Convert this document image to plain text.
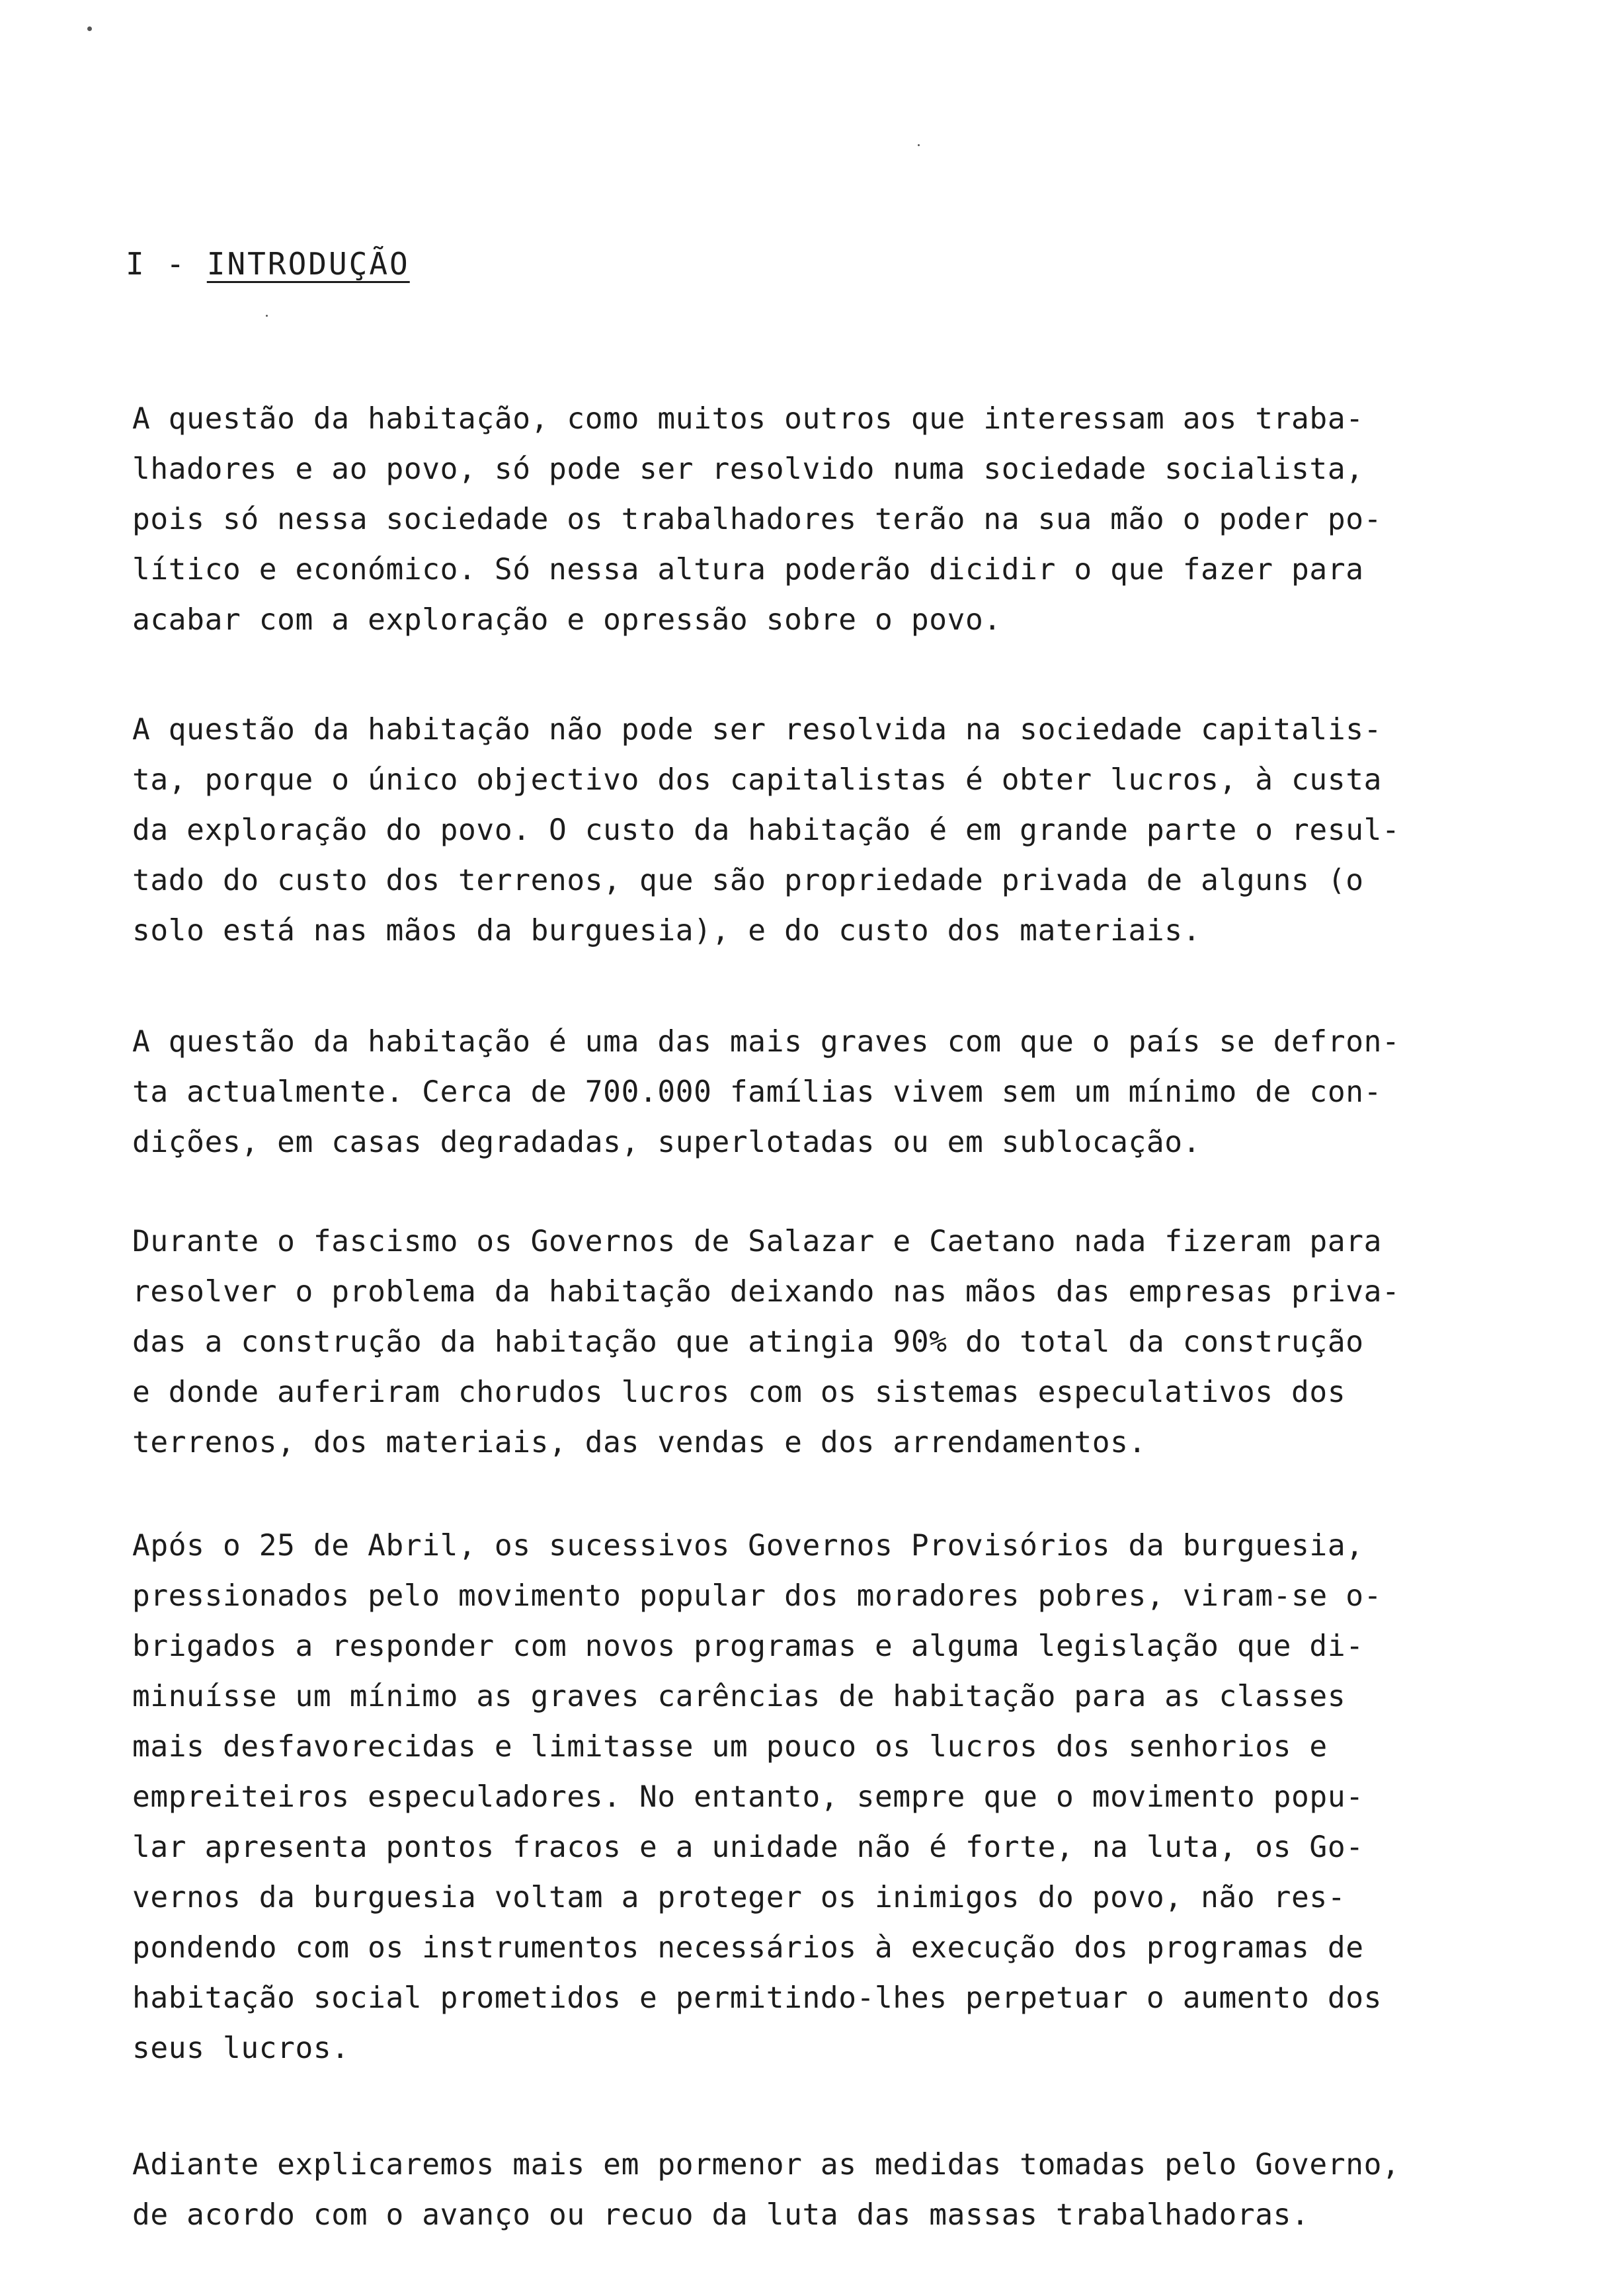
I - INTRODUÇÃO

A questão da habitação, como muitos outros que interessam aos traba-
lhadores e ao povo, só pode ser resolvido numa sociedade socialista,
pois só nessa sociedade os trabalhadores terão na sua mão o poder po-
lítico e económico. Só nessa altura poderão dicidir o que fazer para
acabar com a exploração e opressão sobre o povo.

A questão da habitação não pode ser resolvida na sociedade capitalis-
ta, porque o único objectivo dos capitalistas é obter lucros, à custa
da exploração do povo. O custo da habitação é em grande parte o resul-
tado do custo dos terrenos, que são propriedade privada de alguns (o
solo está nas mãos da burguesia), e do custo dos materiais.

A questão da habitação é uma das mais graves com que o país se defron-
ta actualmente. Cerca de 700.000 famílias vivem sem um mínimo de con-
dições, em casas degradadas, superlotadas ou em sublocação.

Durante o fascismo os Governos de Salazar e Caetano nada fizeram para
resolver o problema da habitação deixando nas mãos das empresas priva-
das a construção da habitação que atingia 90% do total da construção
e donde auferiram chorudos lucros com os sistemas especulativos dos
terrenos, dos materiais, das vendas e dos arrendamentos.

Após o 25 de Abril, os sucessivos Governos Provisórios da burguesia,
pressionados pelo movimento popular dos moradores pobres, viram-se o-
brigados a responder com novos programas e alguma legislação que di-
minuísse um mínimo as graves carências de habitação para as classes
mais desfavorecidas e limitasse um pouco os lucros dos senhorios e
empreiteiros especuladores. No entanto, sempre que o movimento popu-
lar apresenta pontos fracos e a unidade não é forte, na luta, os Go-
vernos da burguesia voltam a proteger os inimigos do povo, não res-
pondendo com os instrumentos necessários à execução dos programas de
habitação social prometidos e permitindo-lhes perpetuar o aumento dos
seus lucros.

Adiante explicaremos mais em pormenor as medidas tomadas pelo Governo,
de acordo com o avanço ou recuo da luta das massas trabalhadoras.
